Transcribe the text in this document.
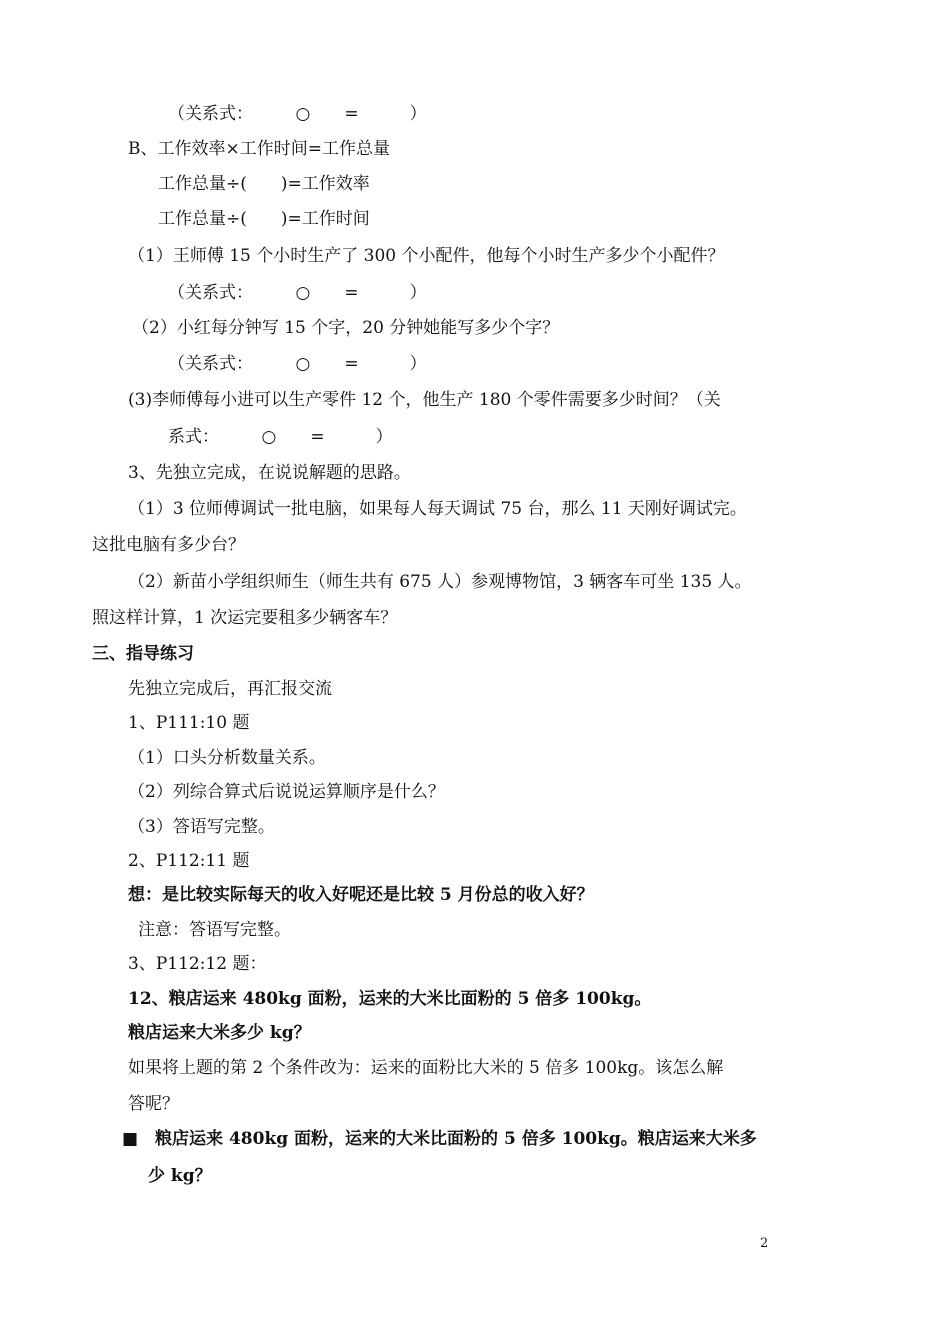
（关系式：　　　○　　=　　　）
B、工作效率×工作时间=工作总量
工作总量÷(　　)=工作效率
工作总量÷(　　)=工作时间
（1）王师傅 15 个小时生产了 300 个小配件，他每个小时生产多少个小配件？
（关系式：　　　○　　=　　　）
（2）小红每分钟写 15 个字，20 分钟她能写多少个字？
（关系式：　　　○　　=　　　）
(3)李师傅每小进可以生产零件 12 个，他生产 180 个零件需要多少时间？（关
系式：　　　○　　=　　　）
3、先独立完成，在说说解题的思路。
（1）3 位师傅调试一批电脑，如果每人每天调试 75 台，那么 11 天刚好调试完。
这批电脑有多少台？
（2）新苗小学组织师生（师生共有 675 人）参观博物馆，3 辆客车可坐 135 人。
照这样计算，1 次运完要租多少辆客车？
三、指导练习
先独立完成后，再汇报交流
1、P111:10 题
（1）口头分析数量关系。
（2）列综合算式后说说运算顺序是什么？
（3）答语写完整。
2、P112:11 题
想：是比较实际每天的收入好呢还是比较 5 月份总的收入好？
注意：答语写完整。
3、P112:12 题：
12、粮店运来 480kg 面粉，运来的大米比面粉的 5 倍多 100kg。
粮店运来大米多少 kg？
如果将上题的第 2 个条件改为：运来的面粉比大米的 5 倍多 100kg。该怎么解
答呢？
■　粮店运来 480kg 面粉，运来的大米比面粉的 5 倍多 100kg。粮店运来大米多
少 kg？
2
